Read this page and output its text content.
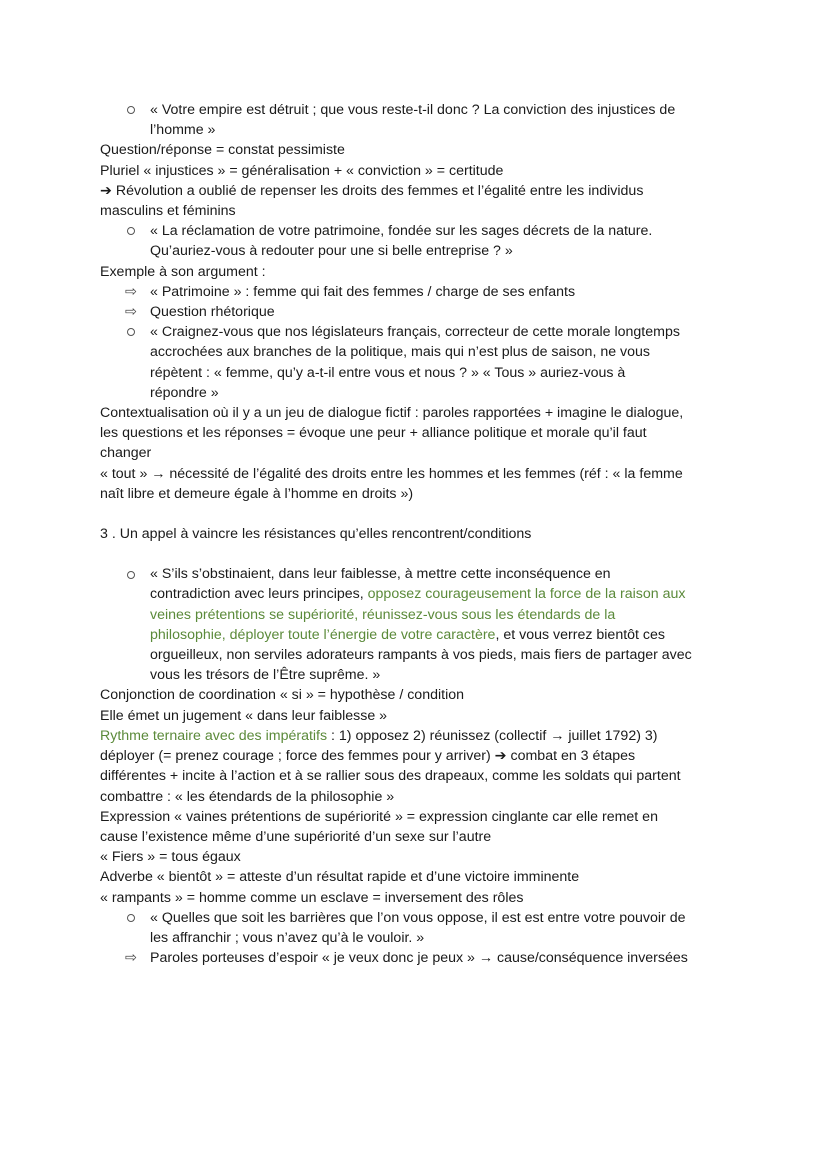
« Votre empire est détruit ; que vous reste-t-il donc ? La conviction des injustices de
l’homme »
Question/réponse = constat pessimiste
Pluriel « injustices » = généralisation + « conviction » = certitude
➔ Révolution a oublié de repenser les droits des femmes et l’égalité entre les individus
masculins et féminins
« La réclamation de votre patrimoine, fondée sur les sages décrets de la nature.
Qu’auriez-vous à redouter pour une si belle entreprise ? »
Exemple à son argument :
⇨ « Patrimoine » : femme qui fait des femmes / charge de ses enfants
⇨ Question rhétorique
« Craignez-vous que nos législateurs français, correcteur de cette morale longtemps
accrochées aux branches de la politique, mais qui n’est plus de saison, ne vous
répètent : « femme, qu’y a-t-il entre vous et nous ? » « Tous » auriez-vous à
répondre »
Contextualisation où il y a un jeu de dialogue fictif : paroles rapportées + imagine le dialogue,
les questions et les réponses = évoque une peur + alliance politique et morale qu’il faut
changer
« tout » → nécessité de l’égalité des droits entre les hommes et les femmes (réf : « la femme
naît libre et demeure égale à l’homme en droits »)
3 . Un appel à vaincre les résistances qu’elles rencontrent/conditions
« S’ils s’obstinaient, dans leur faiblesse, à mettre cette inconséquence en
contradiction avec leurs principes, opposez courageusement la force de la raison aux
veines prétentions se supériorité, réunissez-vous sous les étendards de la
philosophie, déployer toute l’énergie de votre caractère, et vous verrez bientôt ces
orgueilleux, non serviles adorateurs rampants à vos pieds, mais fiers de partager avec
vous les trésors de l’Être suprême. »
Conjonction de coordination « si » = hypothèse / condition
Elle émet un jugement « dans leur faiblesse »
Rythme ternaire avec des impératifs : 1) opposez 2) réunissez (collectif → juillet 1792) 3)
déployer (= prenez courage ; force des femmes pour y arriver) ➔ combat en 3 étapes
différentes + incite à l’action et à se rallier sous des drapeaux, comme les soldats qui partent
combattre : « les étendards de la philosophie »
Expression « vaines prétentions de supériorité » = expression cinglante car elle remet en
cause l’existence même d’une supériorité d’un sexe sur l’autre
« Fiers » = tous égaux
Adverbe « bientôt » = atteste d’un résultat rapide et d’une victoire imminente
« rampants » = homme comme un esclave = inversement des rôles
« Quelles que soit les barrières que l’on vous oppose, il est est entre votre pouvoir de
les affranchir ; vous n’avez qu’à le vouloir. »
⇨ Paroles porteuses d’espoir « je veux donc je peux » → cause/conséquence inversées
